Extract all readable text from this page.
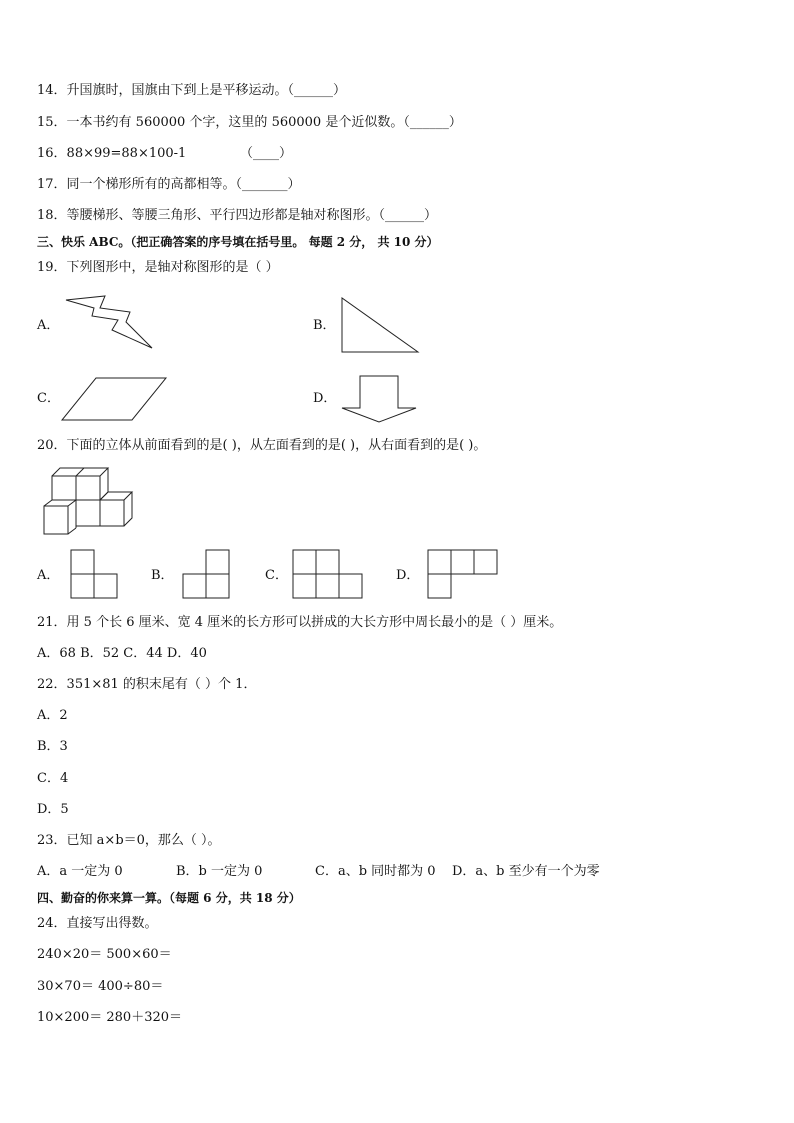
14．升国旗时，国旗由下到上是平移运动。（______）
15．一本书约有 560000 个字，这里的 560000 是个近似数。（______）
16．88×99=88×100-1	（____）
17．同一个梯形所有的高都相等。（_______）
18．等腰梯形、等腰三角形、平行四边形都是轴对称图形。（______）
三、快乐 ABC。（把正确答案的序号填在括号里。 每题 2 分， 共 10 分）
19．下列图形中，是轴对称图形的是（ ）
A．	B．
C．	D．
20．下面的立体从前面看到的是( )，从左面看到的是( )，从右面看到的是( )。
A．	B．	C．	D．
21．用 5 个长 6 厘米、宽 4 厘米的长方形可以拼成的大长方形中周长最小的是（ ）厘米。
A．68 B．52 C．44 D．40
22．351×81 的积末尾有（ ）个 1．
A．2
B．3
C．4
D．5
23．已知 a×b＝0，那么（ ）。
A．a 一定为 0	B．b 一定为 0	C．a、b 同时都为 0 D．a、b 至少有一个为零
四、勤奋的你来算一算。（每题 6 分，共 18 分）
24．直接写出得数。
240×20＝ 500×60＝
30×70＝ 400÷80＝
10×200＝ 280＋320＝
